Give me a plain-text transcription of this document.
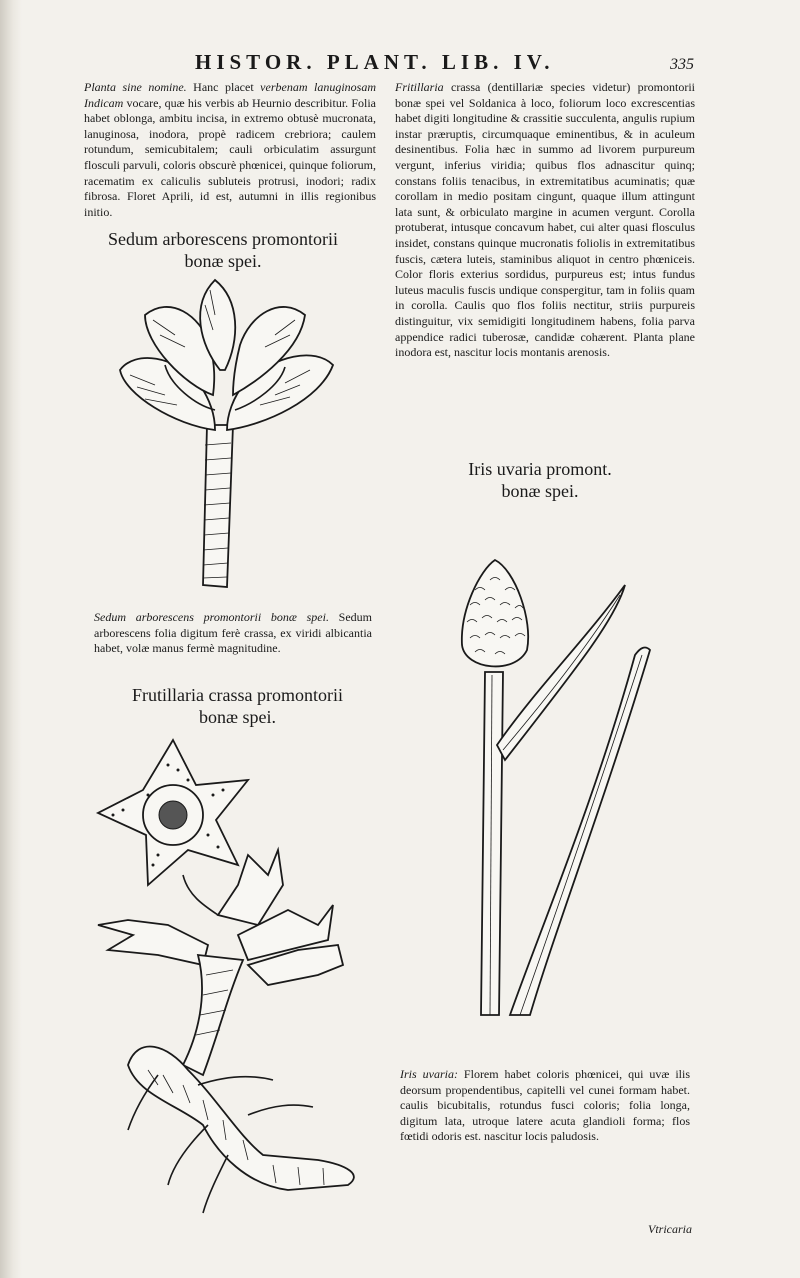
HISTOR. PLANT. LIB. IV.	335
Planta sine nomine. Hanc placet verbenam lanuginosam Indicam vocare, quæ his verbis ab Heurnio describitur. Folia habet oblonga, ambitu incisa, in extremo obtusè mucronata, lanuginosa, inodora, propè radicem crebriora; caulem rotundum, semicubitalem; cauli orbiculatim assurgunt flosculi parvuli, coloris obscurè phœnicei, quinque foliorum, racematim ex caliculis subluteis protrusi, inodori; radix fibrosa. Floret Aprili, id est, autumni in illis regionibus initio.
Fritillaria crassa (dentillariæ species videtur) promontorii bonæ spei vel Soldanica à loco, foliorum loco excrescentias habet digiti longitudine & crassitie succulenta, angulis rupium instar præruptis, circumquaque eminentibus, & in aculeum desinentibus. Folia hæc in summo ad livorem purpureum vergunt, inferius viridia; quibus flos adnascitur quinq; constans foliis tenacibus, in extremitatibus acuminatis; quæ corollam in medio positam cingunt, quaque illum attingunt lata sunt, & orbiculato margine in acumen vergunt. Corolla protuberat, intusque concavum habet, cui alter quasi flosculus insidet, constans quinque mucronatis foliolis in extremitatibus fuscis, cætera luteis, staminibus aliquot in centro phœniceis. Color floris exterius sordidus, purpureus est; intus fundus luteus maculis fuscis undique conspergitur, tam in foliis quam in corolla. Caulis quo flos foliis nectitur, striis purpureis distinguitur, vix semidigiti longitudinem habens, folia parva appendice radici tuberosæ, candidæ cohærent. Planta plane inodora est, nascitur locis montanis arenosis.
Sedum arborescens promontorii
bonæ spei.
Sedum arborescens promontorii bonæ spei. Sedum arborescens folia digitum ferè crassa, ex viridi albicantia habet, volæ manus fermè magnitudine.
Frutillaria crassa promontorii
bonæ spei.
Iris uvaria promont.
bonæ spei.
Iris uvaria: Florem habet coloris phœnicei, qui uvæ ilis deorsum propendentibus, capitelli vel cunei formam habet. caulis bicubitalis, rotundus fusci coloris; folia longa, digitum lata, utroque latere acuta glandioli forma; flos fœtidi odoris est. nascitur locis paludosis.
Vtricaria
